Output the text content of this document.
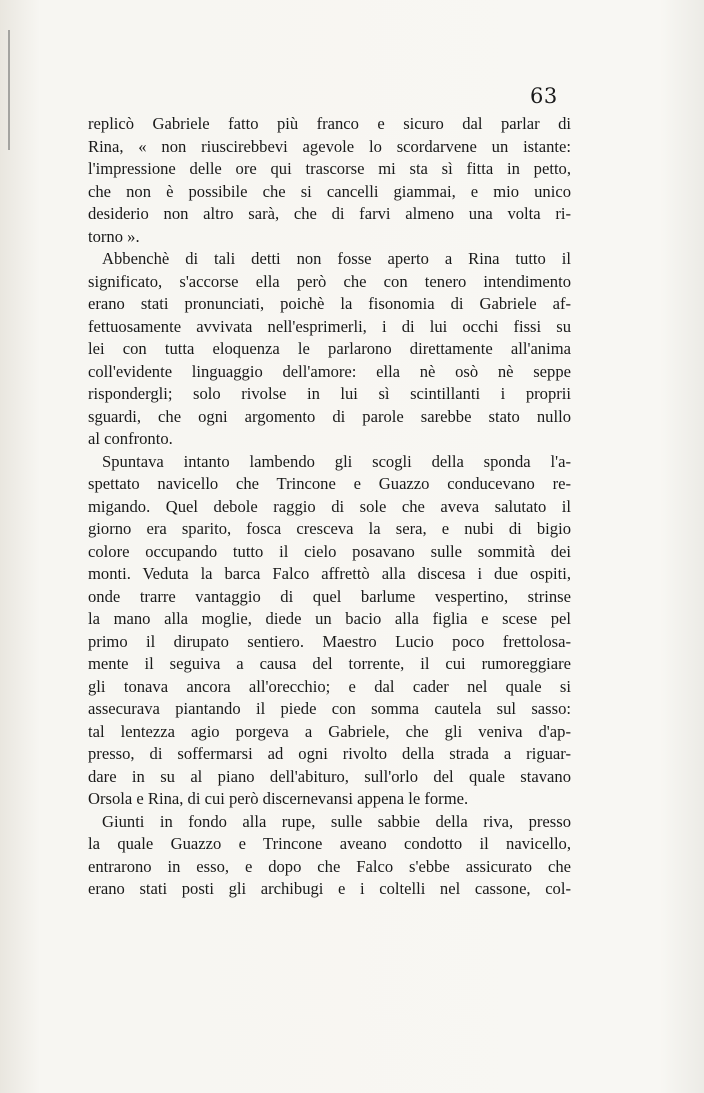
63
replicò Gabriele fatto più franco e sicuro dal parlar di
Rina, « non riuscirebbevi agevole lo scordarvene un istante:
l'impressione delle ore qui trascorse mi sta sì fitta in petto,
che non è possibile che si cancelli giammai, e mio unico
desiderio non altro sarà, che di farvi almeno una volta ri-
torno ».
Abbenchè di tali detti non fosse aperto a Rina tutto il
significato, s'accorse ella però che con tenero intendimento
erano stati pronunciati, poichè la fisonomia di Gabriele af-
fettuosamente avvivata nell'esprimerli, i di lui occhi fissi su
lei con tutta eloquenza le parlarono direttamente all'anima
coll'evidente linguaggio dell'amore: ella nè osò nè seppe
rispondergli; solo rivolse in lui sì scintillanti i proprii
sguardi, che ogni argomento di parole sarebbe stato nullo
al confronto.
Spuntava intanto lambendo gli scogli della sponda l'a-
spettato navicello che Trincone e Guazzo conducevano re-
migando. Quel debole raggio di sole che aveva salutato il
giorno era sparito, fosca cresceva la sera, e nubi di bigio
colore occupando tutto il cielo posavano sulle sommità dei
monti. Veduta la barca Falco affrettò alla discesa i due ospiti,
onde trarre vantaggio di quel barlume vespertino, strinse
la mano alla moglie, diede un bacio alla figlia e scese pel
primo il dirupato sentiero. Maestro Lucio poco frettolosa-
mente il seguiva a causa del torrente, il cui rumoreggiare
gli tonava ancora all'orecchio; e dal cader nel quale si
assecurava piantando il piede con somma cautela sul sasso:
tal lentezza agio porgeva a Gabriele, che gli veniva d'ap-
presso, di soffermarsi ad ogni rivolto della strada a riguar-
dare in su al piano dell'abituro, sull'orlo del quale stavano
Orsola e Rina, di cui però discernevansi appena le forme.
Giunti in fondo alla rupe, sulle sabbie della riva, presso
la quale Guazzo e Trincone aveano condotto il navicello,
entrarono in esso, e dopo che Falco s'ebbe assicurato che
erano stati posti gli archibugi e i coltelli nel cassone, col-
